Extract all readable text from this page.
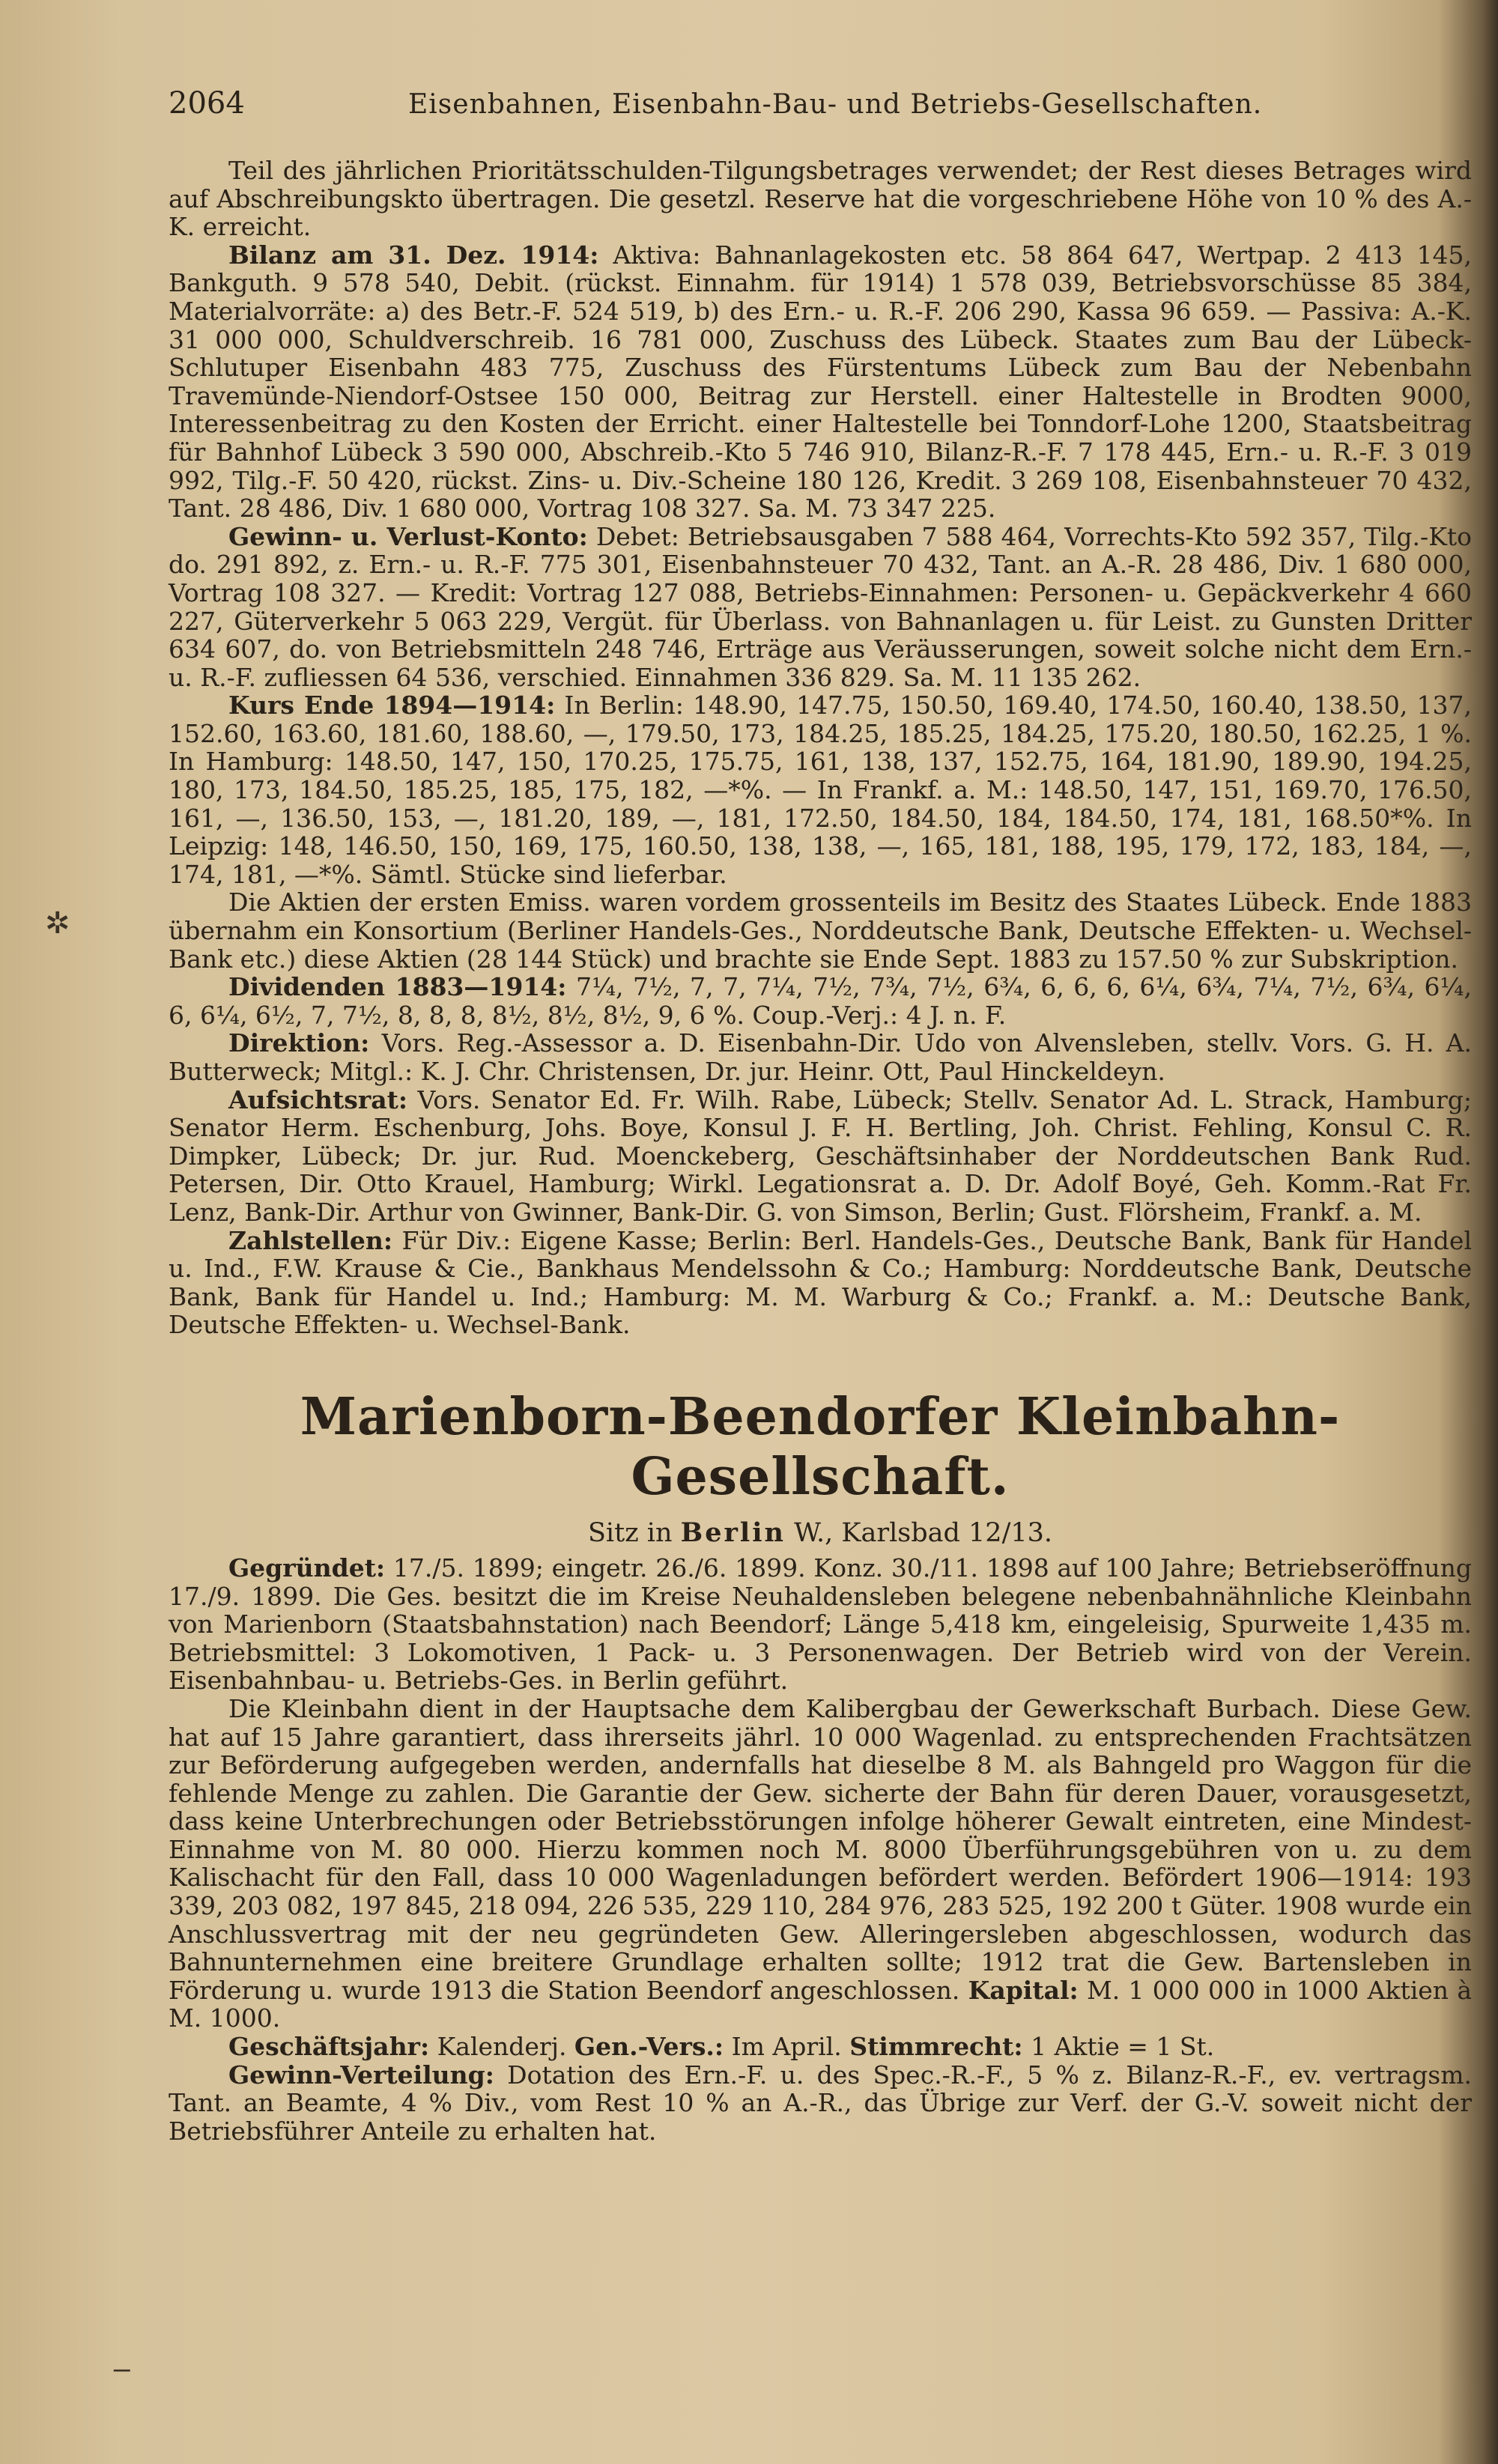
2064	Eisenbahnen, Eisenbahn-Bau- und Betriebs-Gesellschaften.

Teil des jährlichen Prioritätsschulden-Tilgungsbetrages verwendet; der Rest dieses Betrages wird auf Abschreibungskto übertragen. Die gesetzl. Reserve hat die vorgeschriebene Höhe von 10 % des A.-K. erreicht.

Bilanz am 31. Dez. 1914: Aktiva: Bahnanlagekosten etc. 58 864 647, Wertpap. 2 413 145, Bankguth. 9 578 540, Debit. (rückst. Einnahm. für 1914) 1 578 039, Betriebsvorschüsse 85 384, Materialvorräte: a) des Betr.-F. 524 519, b) des Ern.- u. R.-F. 206 290, Kassa 96 659. — Passiva: A.-K. 31 000 000, Schuldverschreib. 16 781 000, Zuschuss des Lübeck. Staates zum Bau der Lübeck-Schlutuper Eisenbahn 483 775, Zuschuss des Fürstentums Lübeck zum Bau der Nebenbahn Travemünde-Niendorf-Ostsee 150 000, Beitrag zur Herstell. einer Haltestelle in Brodten 9000, Interessenbeitrag zu den Kosten der Erricht. einer Haltestelle bei Tonndorf-Lohe 1200, Staatsbeitrag für Bahnhof Lübeck 3 590 000, Abschreib.-Kto 5 746 910, Bilanz-R.-F. 7 178 445, Ern.- u. R.-F. 3 019 992, Tilg.-F. 50 420, rückst. Zins- u. Div.-Scheine 180 126, Kredit. 3 269 108, Eisenbahnsteuer 70 432, Tant. 28 486, Div. 1 680 000, Vortrag 108 327. Sa. M. 73 347 225.

Gewinn- u. Verlust-Konto: Debet: Betriebsausgaben 7 588 464, Vorrechts-Kto 592 357, Tilg.-Kto do. 291 892, z. Ern.- u. R.-F. 775 301, Eisenbahnsteuer 70 432, Tant. an A.-R. 28 486, Div. 1 680 000, Vortrag 108 327. — Kredit: Vortrag 127 088, Betriebs-Einnahmen: Personen- u. Gepäckverkehr 4 660 227, Güterverkehr 5 063 229, Vergüt. für Überlass. von Bahnanlagen u. für Leist. zu Gunsten Dritter 634 607, do. von Betriebsmitteln 248 746, Erträge aus Veräusserungen, soweit solche nicht dem Ern.- u. R.-F. zufliessen 64 536, verschied. Einnahmen 336 829. Sa. M. 11 135 262.

Kurs Ende 1894—1914: In Berlin: 148.90, 147.75, 150.50, 169.40, 174.50, 160.40, 138.50, 137, 152.60, 163.60, 181.60, 188.60, —, 179.50, 173, 184.25, 185.25, 184.25, 175.20, 180.50, 162.25, 1 %. In Hamburg: 148.50, 147, 150, 170.25, 175.75, 161, 138, 137, 152.75, 164, 181.90, 189.90, 194.25, 180, 173, 184.50, 185.25, 185, 175, 182, —*%. — In Frankf. a. M.: 148.50, 147, 151, 169.70, 176.50, 161, —, 136.50, 153, —, 181.20, 189, —, 181, 172.50, 184.50, 184, 184.50, 174, 181, 168.50*%. In Leipzig: 148, 146.50, 150, 169, 175, 160.50, 138, 138, —, 165, 181, 188, 195, 179, 172, 183, 184, —, 174, 181, —*%. Sämtl. Stücke sind lieferbar.

Die Aktien der ersten Emiss. waren vordem grossenteils im Besitz des Staates Lübeck. Ende 1883 übernahm ein Konsortium (Berliner Handels-Ges., Norddeutsche Bank, Deutsche Effekten- u. Wechsel-Bank etc.) diese Aktien (28 144 Stück) und brachte sie Ende Sept. 1883 zu 157.50 % zur Subskription.

Dividenden 1883—1914: 7¼, 7½, 7, 7, 7¼, 7½, 7¾, 7½, 6¾, 6, 6, 6, 6¼, 6¾, 7¼, 7½, 6¾, 6¼, 6, 6¼, 6½, 7, 7½, 8, 8, 8, 8½, 8½, 8½, 9, 6 %. Coup.-Verj.: 4 J. n. F.

Direktion: Vors. Reg.-Assessor a. D. Eisenbahn-Dir. Udo von Alvensleben, stellv. Vors. G. H. A. Butterweck; Mitgl.: K. J. Chr. Christensen, Dr. jur. Heinr. Ott, Paul Hinckeldeyn.

Aufsichtsrat: Vors. Senator Ed. Fr. Wilh. Rabe, Lübeck; Stellv. Senator Ad. L. Strack, Hamburg; Senator Herm. Eschenburg, Johs. Boye, Konsul J. F. H. Bertling, Joh. Christ. Fehling, Konsul C. R. Dimpker, Lübeck; Dr. jur. Rud. Moenckeberg, Geschäftsinhaber der Norddeutschen Bank Rud. Petersen, Dir. Otto Krauel, Hamburg; Wirkl. Legationsrat a. D. Dr. Adolf Boyé, Geh. Komm.-Rat Fr. Lenz, Bank-Dir. Arthur von Gwinner, Bank-Dir. G. von Simson, Berlin; Gust. Flörsheim, Frankf. a. M.

Zahlstellen: Für Div.: Eigene Kasse; Berlin: Berl. Handels-Ges., Deutsche Bank, Bank für Handel u. Ind., F.W. Krause & Cie., Bankhaus Mendelssohn & Co.; Hamburg: Norddeutsche Bank, Deutsche Bank, Bank für Handel u. Ind.; Hamburg: M. M. Warburg & Co.; Frankf. a. M.: Deutsche Bank, Deutsche Effekten- u. Wechsel-Bank.

Marienborn-Beendorfer Kleinbahn-Gesellschaft.
Sitz in Berlin W., Karlsbad 12/13.

Gegründet: 17./5. 1899; eingetr. 26./6. 1899. Konz. 30./11. 1898 auf 100 Jahre; Betriebseröffnung 17./9. 1899. Die Ges. besitzt die im Kreise Neuhaldensleben belegene nebenbahnähnliche Kleinbahn von Marienborn (Staatsbahnstation) nach Beendorf; Länge 5,418 km, eingeleisig, Spurweite 1,435 m. Betriebsmittel: 3 Lokomotiven, 1 Pack- u. 3 Personenwagen. Der Betrieb wird von der Verein. Eisenbahnbau- u. Betriebs-Ges. in Berlin geführt.

Die Kleinbahn dient in der Hauptsache dem Kalibergbau der Gewerkschaft Burbach. Diese Gew. hat auf 15 Jahre garantiert, dass ihrerseits jährl. 10 000 Wagenlad. zu entsprechenden Frachtsätzen zur Beförderung aufgegeben werden, andernfalls hat dieselbe 8 M. als Bahngeld pro Waggon für die fehlende Menge zu zahlen. Die Garantie der Gew. sicherte der Bahn für deren Dauer, vorausgesetzt, dass keine Unterbrechungen oder Betriebsstörungen infolge höherer Gewalt eintreten, eine Mindest-Einnahme von M. 80 000. Hierzu kommen noch M. 8000 Überführungsgebühren von u. zu dem Kalischacht für den Fall, dass 10 000 Wagenladungen befördert werden. Befördert 1906—1914: 193 339, 203 082, 197 845, 218 094, 226 535, 229 110, 284 976, 283 525, 192 200 t Güter. 1908 wurde ein Anschlussvertrag mit der neu gegründeten Gew. Alleringersleben abgeschlossen, wodurch das Bahnunternehmen eine breitere Grundlage erhalten sollte; 1912 trat die Gew. Bartensleben in Förderung u. wurde 1913 die Station Beendorf angeschlossen. Kapital: M. 1 000 000 in 1000 Aktien à M. 1000.

Geschäftsjahr: Kalenderj. Gen.-Vers.: Im April. Stimmrecht: 1 Aktie = 1 St.

Gewinn-Verteilung: Dotation des Ern.-F. u. des Spec.-R.-F., 5 % z. Bilanz-R.-F., ev. vertragsm. Tant. an Beamte, 4 % Div., vom Rest 10 % an A.-R., das Übrige zur Verf. der G.-V. soweit nicht der Betriebsführer Anteile zu erhalten hat.

✲
‒
